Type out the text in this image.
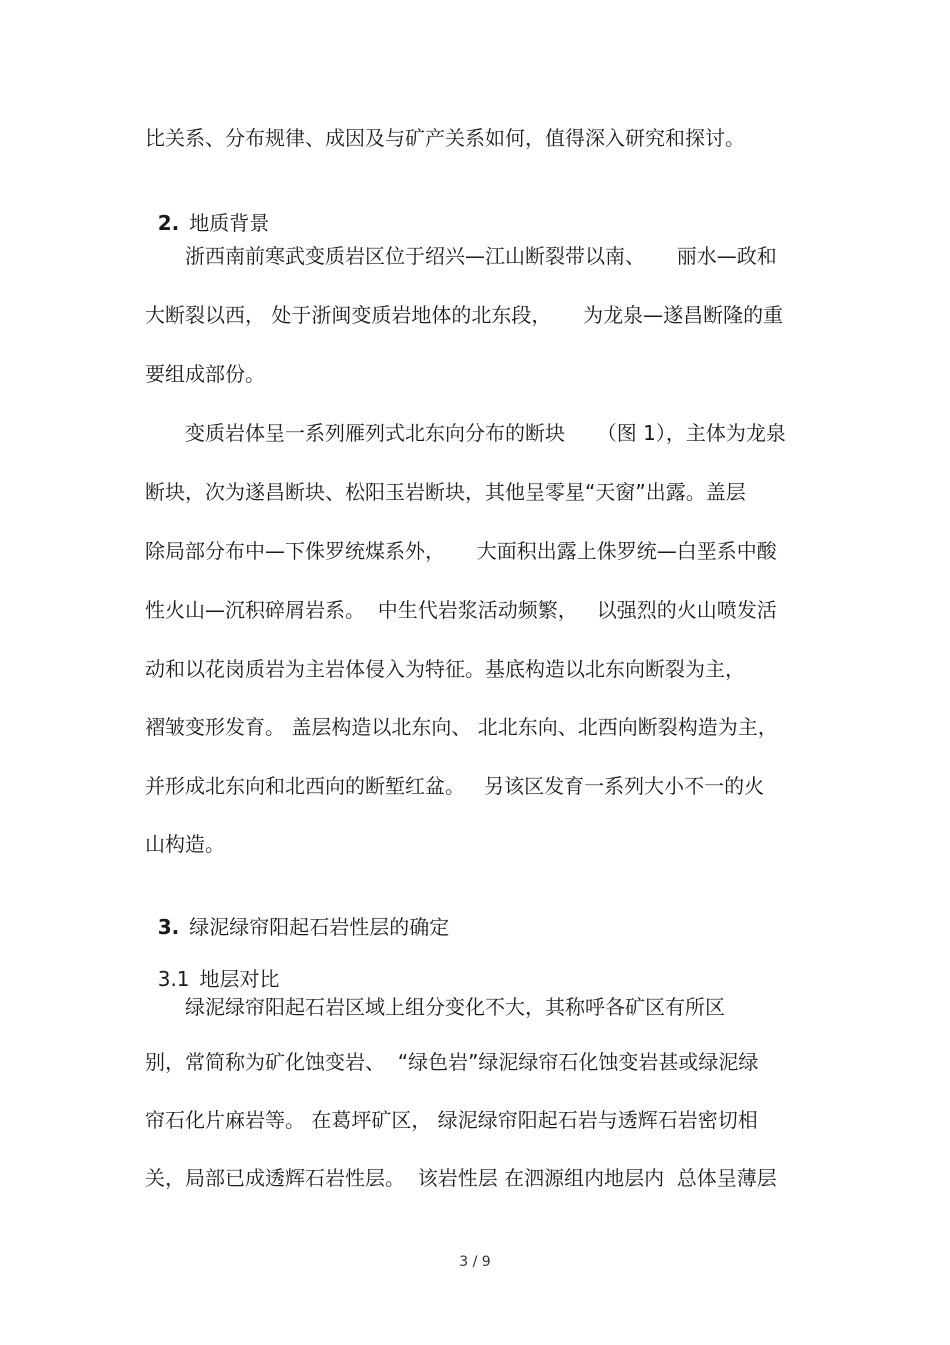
比关系、分布规律、成因及与矿产关系如何，值得深入研究和探讨。

2. 地质背景

浙西南前寒武变质岩区位于绍兴—江山断裂带以南、     丽水—政和
大断裂以西， 处于浙闽变质岩地体的北东段，     为龙泉—遂昌断隆的重
要组成部份。
变质岩体呈一系列雁列式北东向分布的断块     （图 1），主体为龙泉
断块，次为遂昌断块、松阳玉岩断块，其他呈零星“天窗”出露。盖层
除局部分布中—下侏罗统煤系外，     大面积出露上侏罗统—白垩系中酸
性火山—沉积碎屑岩系。  中生代岩浆活动频繁，   以强烈的火山喷发活
动和以花岗质岩为主岩体侵入为特征。基底构造以北东向断裂为主，
褶皱变形发育。 盖层构造以北东向、 北北东向、北西向断裂构造为主，
并形成北东向和北西向的断堑红盆。   另该区发育一系列大小不一的火
山构造。

3. 绿泥绿帘阳起石岩性层的确定

3.1 地层对比

绿泥绿帘阳起石岩区域上组分变化不大，其称呼各矿区有所区
别，常简称为矿化蚀变岩、  “绿色岩”绿泥绿帘石化蚀变岩甚或绿泥绿
帘石化片麻岩等。 在葛坪矿区， 绿泥绿帘阳起石岩与透辉石岩密切相
关，局部已成透辉石岩性层。  该岩性层 在泗源组内地层内  总体呈薄层
3 / 9
